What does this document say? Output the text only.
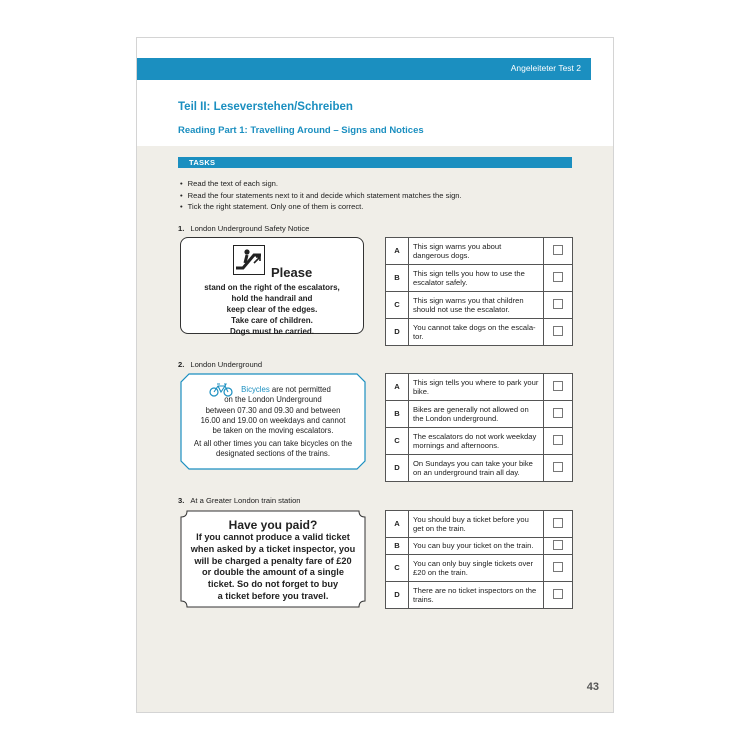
Angeleiteter Test 2
Teil II: Leseverstehen/Schreiben
Reading Part 1: Travelling Around – Signs and Notices
TASKS
• Read the text of each sign.
• Read the four statements next to it and decide which statement matches the sign.
• Tick the right statement. Only one of them is correct.
1. London Underground Safety Notice
Please
stand on the right of the escalators,
hold the handrail and
keep clear of the edges.
Take care of children.
Dogs must be carried.
A	This sign warns you about dangerous dogs.	
B	This sign tells you how to use the escalator safely.	
C	This sign warns you that children should not use the escalator.	
D	You cannot take dogs on the escala-tor.	
2. London Underground
Bicycles are not permitted
on the London Underground
between 07.30 and 09.30 and between
16.00 and 19.00 on weekdays and cannot
be taken on the moving escalators.
At all other times you can take bicycles on the
designated sections of the trains.
A	This sign tells you where to park your bike.	
B	Bikes are generally not allowed on the London underground.	
C	The escalators do not work weekday mornings and afternoons.	
D	On Sundays you can take your bike on an underground train all day.	
3. At a Greater London train station
Have you paid?
If you cannot produce a valid ticket
when asked by a ticket inspector, you
will be charged a penalty fare of £20
or double the amount of a single
ticket. So do not forget to buy
a ticket before you travel.
A	You should buy a ticket before you get on the train.	
B	You can buy your ticket on the train.	
C	You can only buy single tickets over £20 on the train.	
D	There are no ticket inspectors on the trains.	
43
